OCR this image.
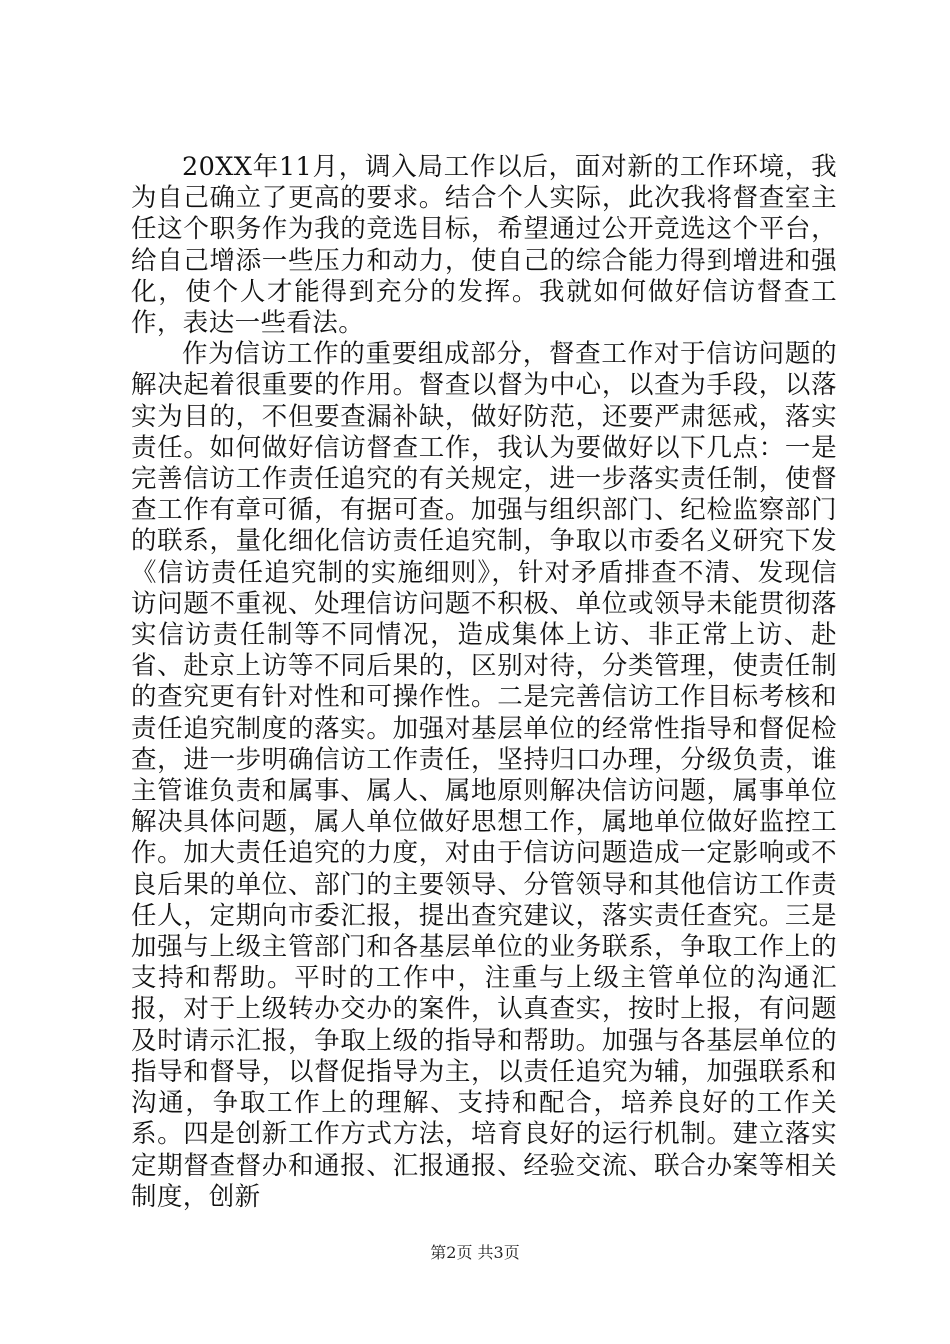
20XX年11月，调入局工作以后，面对新的工作环境，我为自己确立了更高的要求。结合个人实际，此次我将督查室主任这个职务作为我的竞选目标，希望通过公开竞选这个平台，给自己增添一些压力和动力，使自己的综合能力得到增进和强化，使个人才能得到充分的发挥。我就如何做好信访督查工作，表达一些看法。

作为信访工作的重要组成部分，督查工作对于信访问题的解决起着很重要的作用。督查以督为中心，以查为手段，以落实为目的，不但要查漏补缺，做好防范，还要严肃惩戒，落实责任。如何做好信访督查工作，我认为要做好以下几点：一是完善信访工作责任追究的有关规定，进一步落实责任制，使督查工作有章可循，有据可查。加强与组织部门、纪检监察部门的联系，量化细化信访责任追究制，争取以市委名义研究下发《信访责任追究制的实施细则》，针对矛盾排查不清、发现信访问题不重视、处理信访问题不积极、单位或领导未能贯彻落实信访责任制等不同情况，造成集体上访、非正常上访、赴省、赴京上访等不同后果的，区别对待，分类管理，使责任制的查究更有针对性和可操作性。二是完善信访工作目标考核和责任追究制度的落实。加强对基层单位的经常性指导和督促检查，进一步明确信访工作责任，坚持归口办理，分级负责，谁主管谁负责和属事、属人、属地原则解决信访问题，属事单位解决具体问题，属人单位做好思想工作，属地单位做好监控工作。加大责任追究的力度，对由于信访问题造成一定影响或不良后果的单位、部门的主要领导、分管领导和其他信访工作责任人，定期向市委汇报，提出查究建议，落实责任查究。三是加强与上级主管部门和各基层单位的业务联系，争取工作上的支持和帮助。平时的工作中，注重与上级主管单位的沟通汇报，对于上级转办交办的案件，认真查实，按时上报，有问题及时请示汇报，争取上级的指导和帮助。加强与各基层单位的指导和督导，以督促指导为主，以责任追究为辅，加强联系和沟通，争取工作上的理解、支持和配合，培养良好的工作关系。四是创新工作方式方法，培育良好的运行机制。建立落实定期督查督办和通报、汇报通报、经验交流、联合办案等相关制度，创新

第2页 共3页
